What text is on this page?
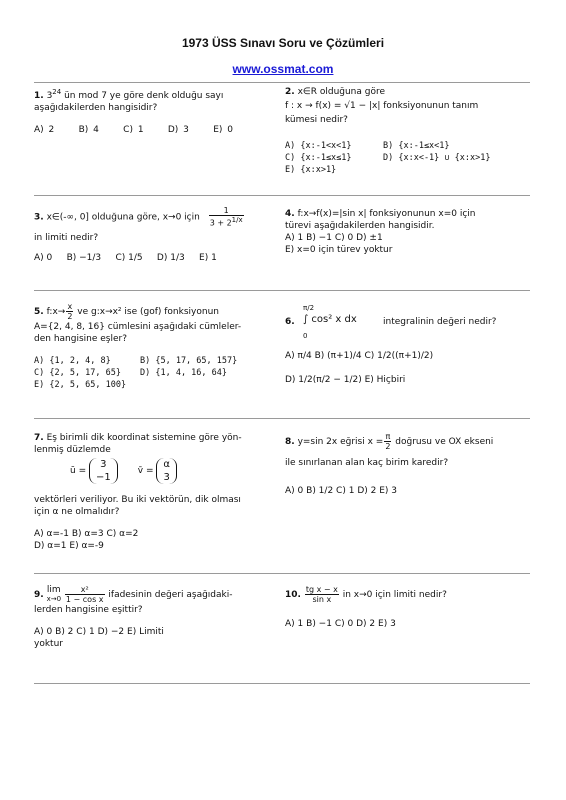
1973 ÜSS Sınavı Soru ve Çözümleri
www.ossmat.com
1. $3^{24}$ ün mod 7 ye göre denk olduğu sayı
aşağıdakilerden hangisidir?
A) 2	B) 4	C) 1	D) 3	E) 0
2. x∈R olduğuna göre
f : x → f(x) = √1 − |x| fonksiyonunun tanım
kümesi nedir?
A) {x:-1<x<1}	B) {x:-1≤x<1}
C) {x:-1≤x≤1}	D) {x:x<-1} ∪ {x:x>1}
E) {x:x>1}
3. x∈(-∞, 0] olduğuna göre, x→0 için $\frac{1}{3 + 2^{1/x}}$
in limiti nedir?
A) 0 B) −1/3 C) 1/5 D) 1/3 E) 1
4. f:x→f(x)=|sin x| fonksiyonunun x=0 için
türevi aşağıdakilerden hangisidir.
A) 1 B) −1 C) 0 D) ±1
E) x=0 için türev yoktur
5. f:x→ $\frac{x}{2}$ ve g:x→x² ise (gof) fonksiyonun
A={2, 4, 8, 16} cümlesini aşağıdaki cümleler-
den hangisine eşler?
A) {1, 2, 4, 8}	B) {5, 17, 65, 157}
C) {2, 5, 17, 65} D) {1, 4, 16, 64}
E) {2, 5, 65, 100}
6.
π/2
∫ cos² x dx
0
integralinin değeri nedir?
A) π/4 B) (π+1)/4 C) 1/2((π+1)/2)
D) 1/2(π/2 − 1/2) E) Hiçbiri
7. Eş birimli dik koordinat sistemine göre yön-
lenmiş düzlemde
ū =
3
−1
v̄ =
α
3
vektörleri veriliyor. Bu iki vektörün, dik olması
için α ne olmalıdır?
A) α=-1 B) α=3 C) α=2
D) α=1 E) α=-9
8. y=sin 2x eğrisi $x = \frac{\pi}{2}$ doğrusu ve OX ekseni
ile sınırlanan alan kaç birim karedir?
A) 0 B) 1/2 C) 1 D) 2 E) 3
9.
lim
x→0
$\frac{\text{x²}}{\text{1 − cos x}}$ ifadesinin değeri aşağıdaki-
lerden hangisine eşittir?
A) 0 B) 2 C) 1 D) −2 E) Limiti
yoktur
10. $\frac{\text{tg x − x}}{\text{sin x}}$ in x→0 için limiti nedir?
A) 1 B) −1 C) 0 D) 2 E) 3
